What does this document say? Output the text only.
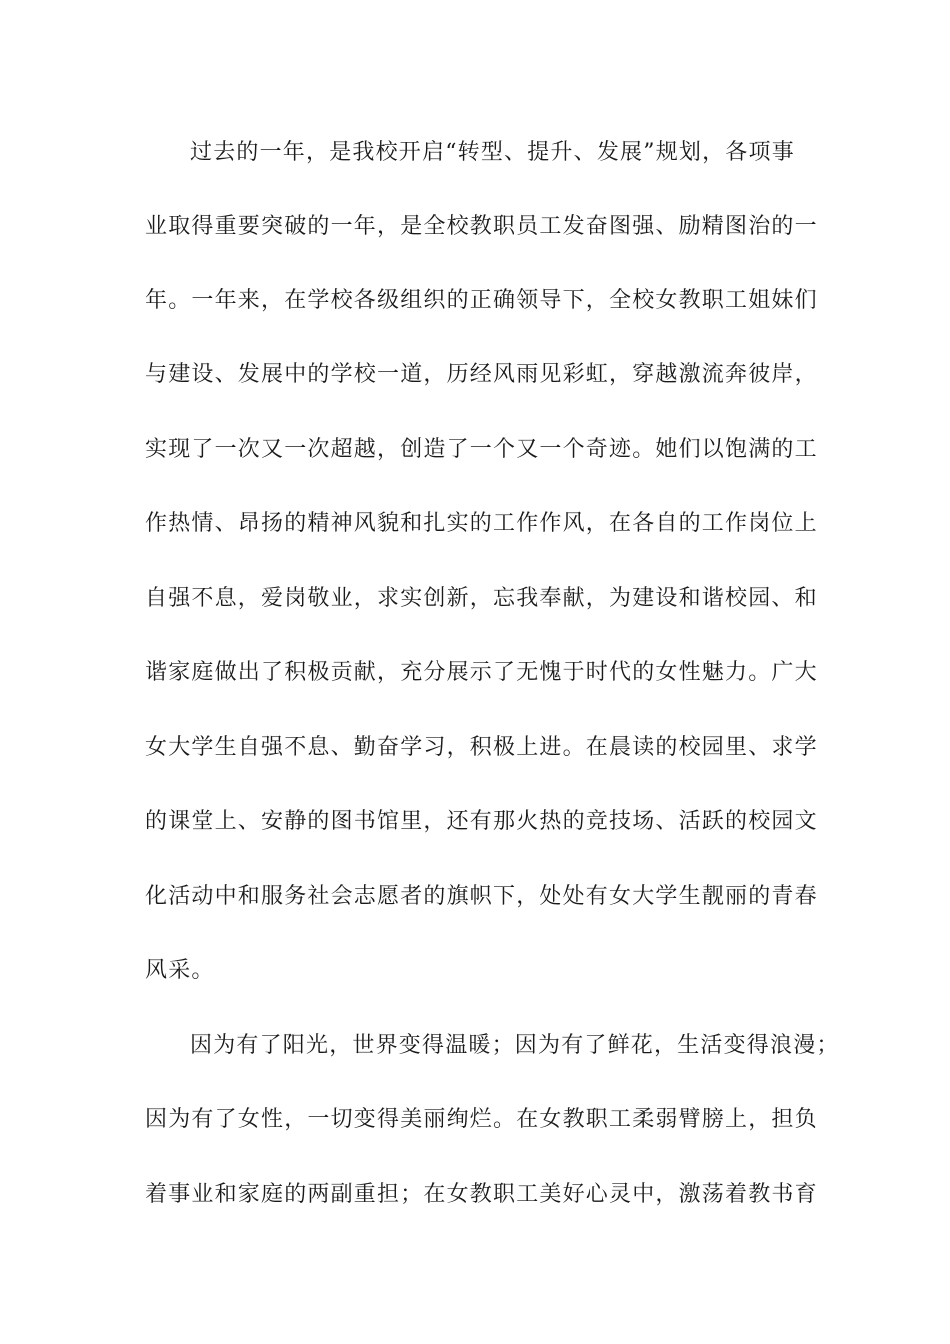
过去的一年，是我校开启“转型、提升、发展”规划，各项事
业取得重要突破的一年，是全校教职员工发奋图强、励精图治的一
年。一年来，在学校各级组织的正确领导下，全校女教职工姐妹们
与建设、发展中的学校一道，历经风雨见彩虹，穿越激流奔彼岸，
实现了一次又一次超越，创造了一个又一个奇迹。她们以饱满的工
作热情、昂扬的精神风貌和扎实的工作作风，在各自的工作岗位上
自强不息，爱岗敬业，求实创新，忘我奉献，为建设和谐校园、和
谐家庭做出了积极贡献，充分展示了无愧于时代的女性魅力。广大
女大学生自强不息、勤奋学习，积极上进。在晨读的校园里、求学
的课堂上、安静的图书馆里，还有那火热的竞技场、活跃的校园文
化活动中和服务社会志愿者的旗帜下，处处有女大学生靓丽的青春
风采。
因为有了阳光，世界变得温暖；因为有了鲜花，生活变得浪漫；
因为有了女性，一切变得美丽绚烂。在女教职工柔弱臂膀上，担负
着事业和家庭的两副重担；在女教职工美好心灵中，激荡着教书育
